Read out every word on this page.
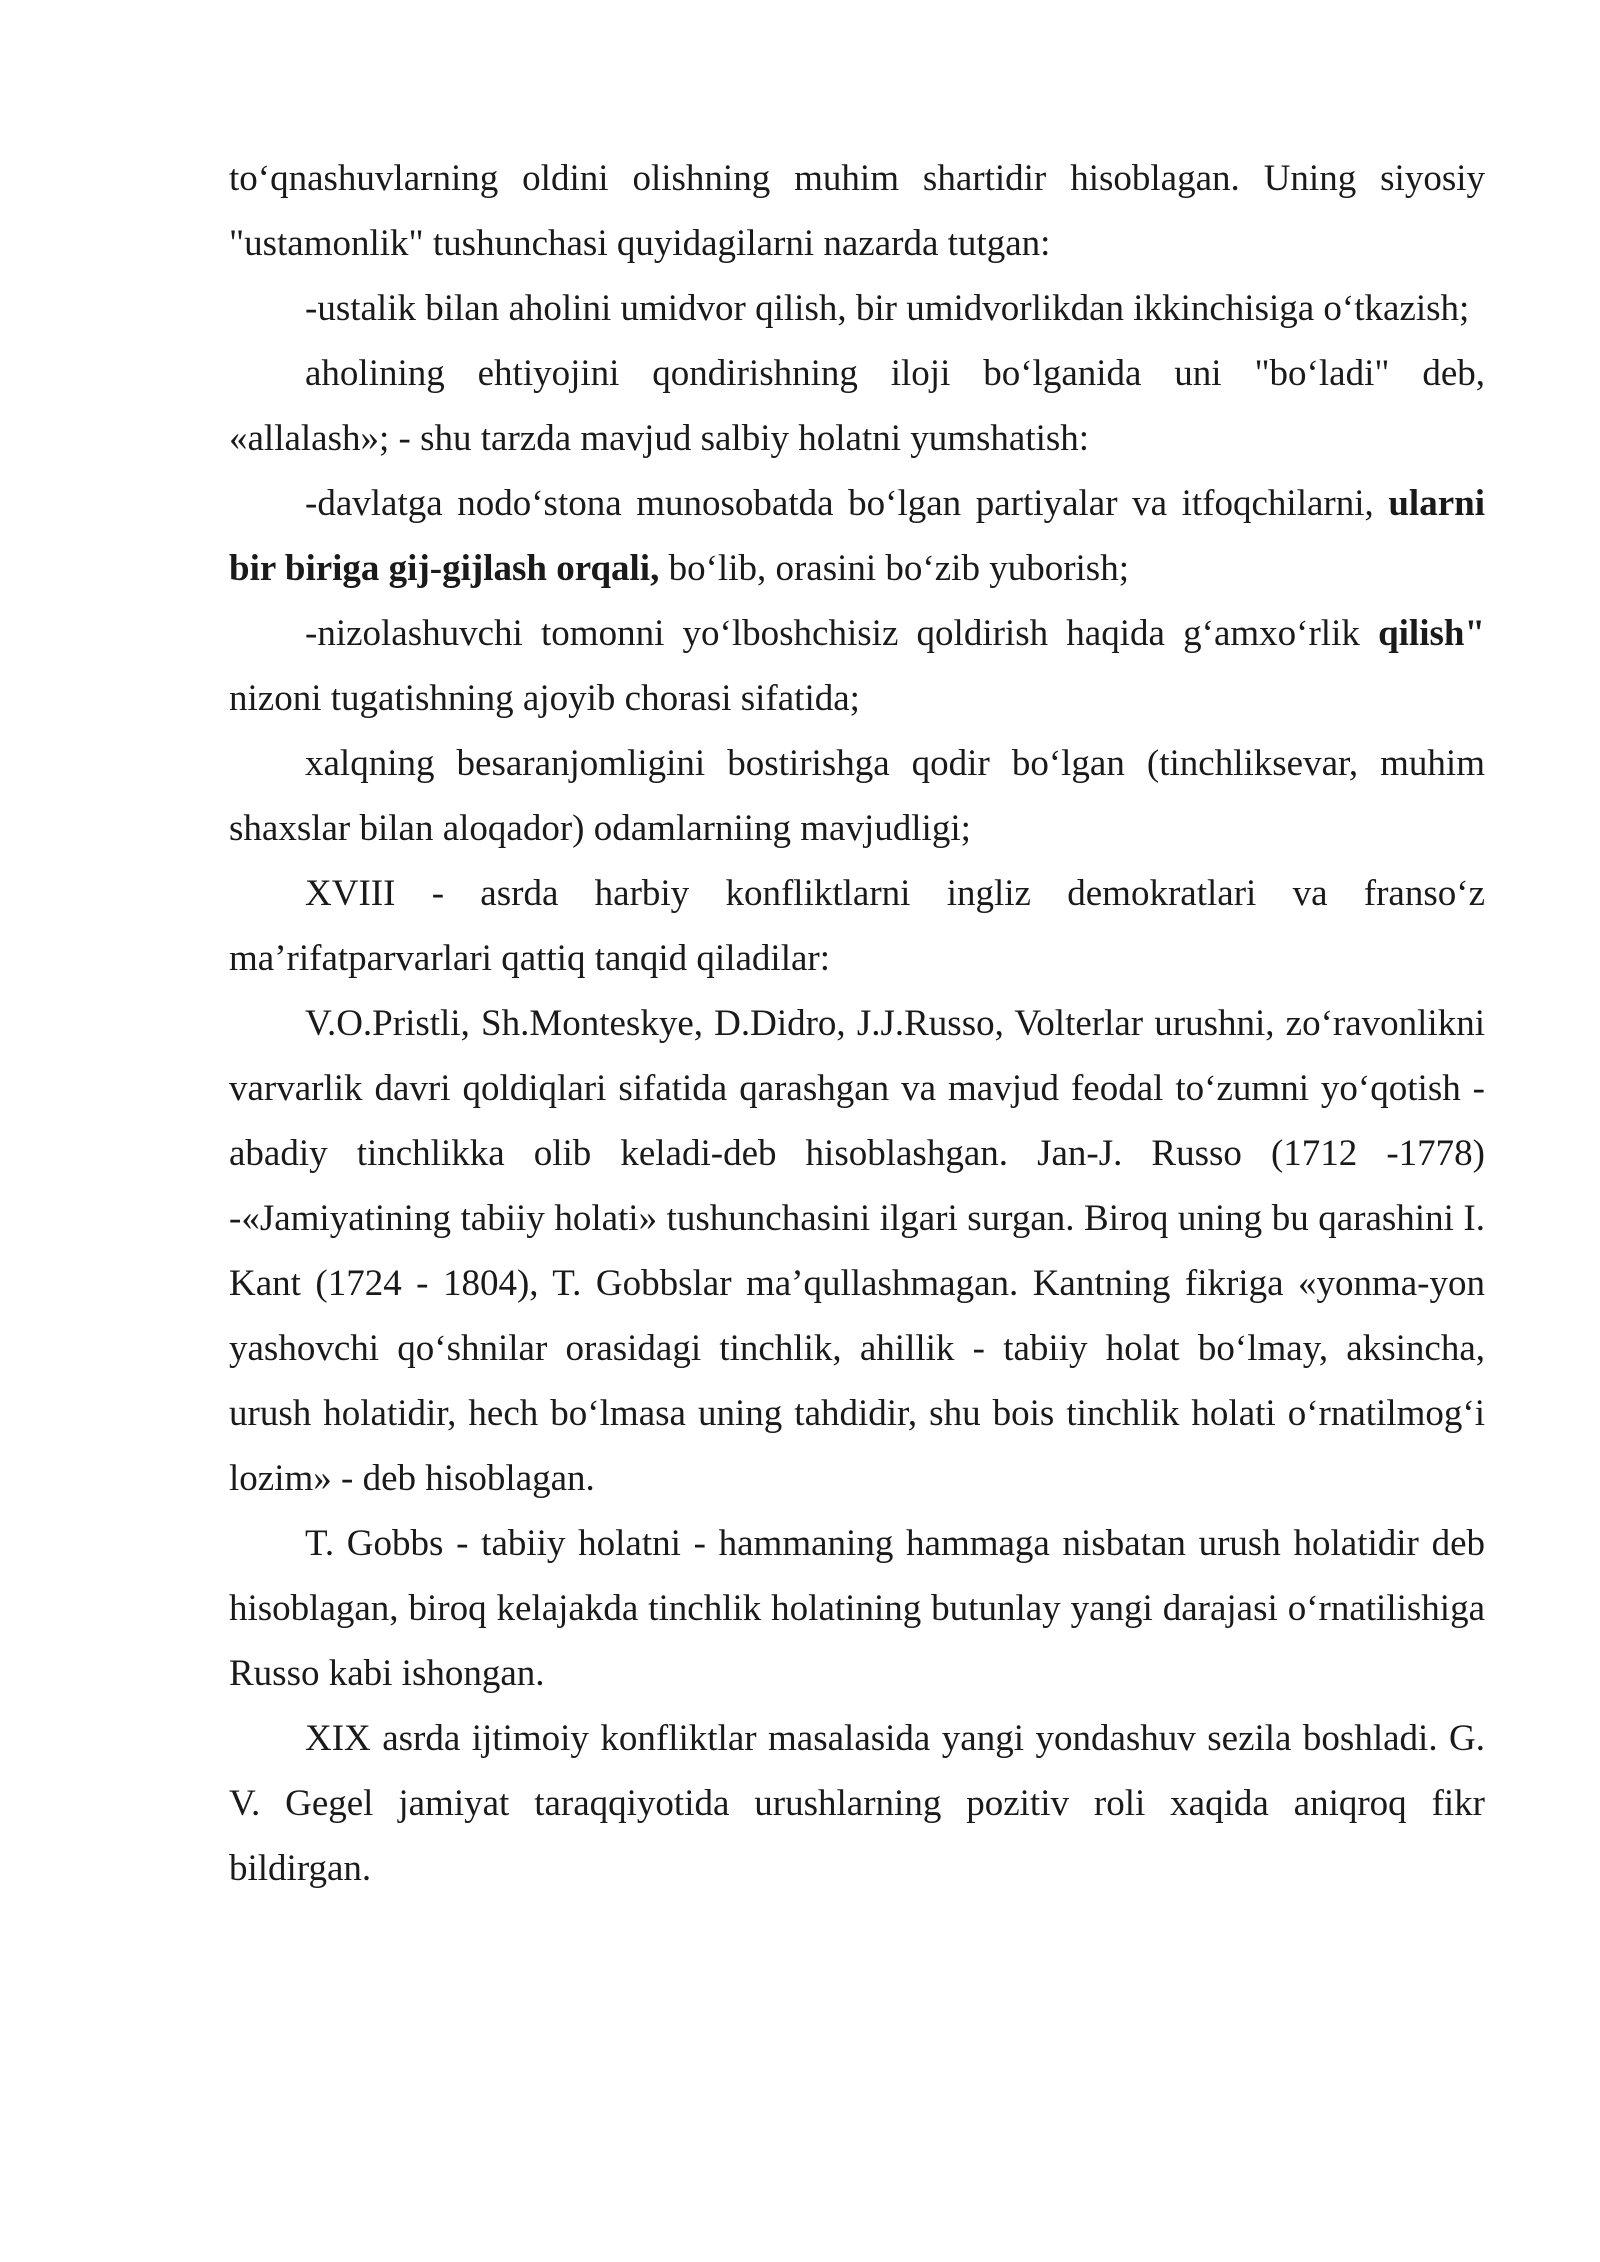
to‘qnashuvlarning oldini olishning muhim shartidir hisoblagan. Uning siyosiy "ustamonlik" tushunchasi quyidagilarni nazarda tutgan:

-ustalik bilan aholini umidvor qilish, bir umidvorlikdan ikkinchisiga o‘tkazish;

aholining ehtiyojini qondirishning iloji bo‘lganida uni "bo‘ladi" deb, «allalash»; - shu tarzda mavjud salbiy holatni yumshatish:

-davlatga nodo‘stona munosobatda bo‘lgan partiyalar va itfoqchilarni, ularni bir biriga gij-gijlash orqali, bo‘lib, orasini bo‘zib yuborish;

-nizolashuvchi tomonni yo‘lboshchisiz qoldirish haqida g‘amxo‘rlik qilish" nizoni tugatishning ajoyib chorasi sifatida;

xalqning besaranjomligini bostirishga qodir bo‘lgan (tinchliksevar, muhim shaxslar bilan aloqador) odamlarniing mavjudligi;

XVIII - asrda harbiy konfliktlarni ingliz demokratlari va franso‘z ma’rifatparvarlari qattiq tanqid qiladilar:

V.O.Pristli, Sh.Monteskye, D.Didro, J.J.Russo, Volterlar urushni, zo‘ravonlikni varvarlik davri qoldiqlari sifatida qarashgan va mavjud feodal to‘zumni yo‘qotish -abadiy tinchlikka olib keladi-deb hisoblashgan. Jan-J. Russo (1712 -1778) -«Jamiyatining tabiiy holati» tushunchasini ilgari surgan. Biroq uning bu qarashini I. Kant (1724 - 1804), T. Gobbslar ma’qullashmagan. Kantning fikriga «yonma-yon yashovchi qo‘shnilar orasidagi tinchlik, ahillik - tabiiy holat bo‘lmay, aksincha, urush holatidir, hech bo‘lmasa uning tahdidir, shu bois tinchlik holati o‘rnatilmog‘i lozim» - deb hisoblagan.

T. Gobbs - tabiiy holatni - hammaning hammaga nisbatan urush holatidir deb hisoblagan, biroq kelajakda tinchlik holatining butunlay yangi darajasi o‘rnatilishiga Russo kabi ishongan.

XIX asrda ijtimoiy konfliktlar masalasida yangi yondashuv sezila boshladi. G. V. Gegel jamiyat taraqqiyotida urushlarning pozitiv roli xaqida aniqroq fikr bildirgan.
